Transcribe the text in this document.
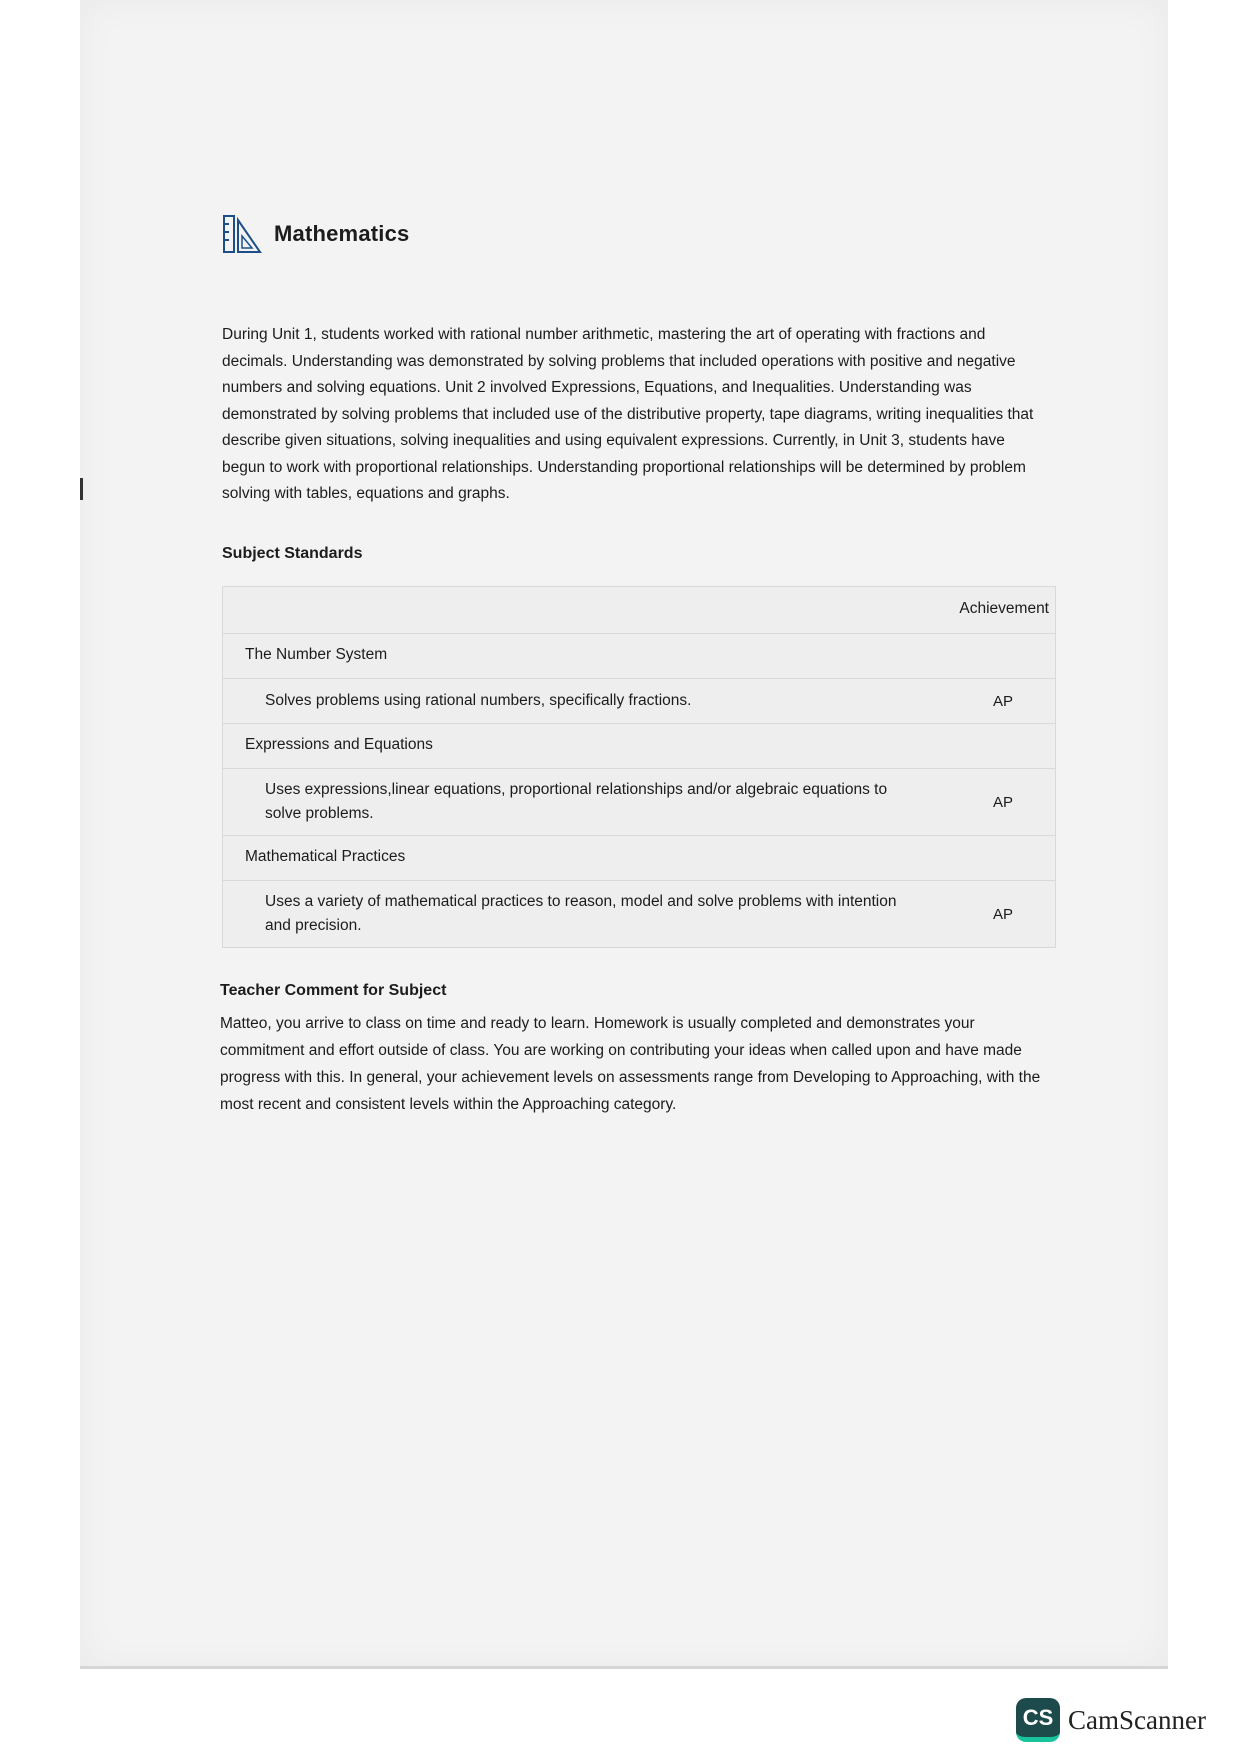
Mathematics
During Unit 1, students worked with rational number arithmetic, mastering the art of operating with fractions and decimals. Understanding was demonstrated by solving problems that included operations with positive and negative numbers and solving equations. Unit 2 involved Expressions, Equations, and Inequalities. Understanding was demonstrated by solving problems that included use of the distributive property, tape diagrams, writing inequalities that describe given situations, solving inequalities and using equivalent expressions. Currently, in Unit 3, students have begun to work with proportional relationships. Understanding proportional relationships will be determined by problem solving with tables, equations and graphs.
Subject Standards
Achievement
The Number System
Solves problems using rational numbers, specifically fractions.	AP
Expressions and Equations
Uses expressions,linear equations, proportional relationships and/or algebraic equations to solve problems.
AP
Mathematical Practices
Uses a variety of mathematical practices to reason, model and solve problems with intention and precision.
AP
Teacher Comment for Subject
Matteo, you arrive to class on time and ready to learn. Homework is usually completed and demonstrates your commitment and effort outside of class. You are working on contributing your ideas when called upon and have made progress with this. In general, your achievement levels on assessments range from Developing to Approaching, with the most recent and consistent levels within the Approaching category.
CS CamScanner
